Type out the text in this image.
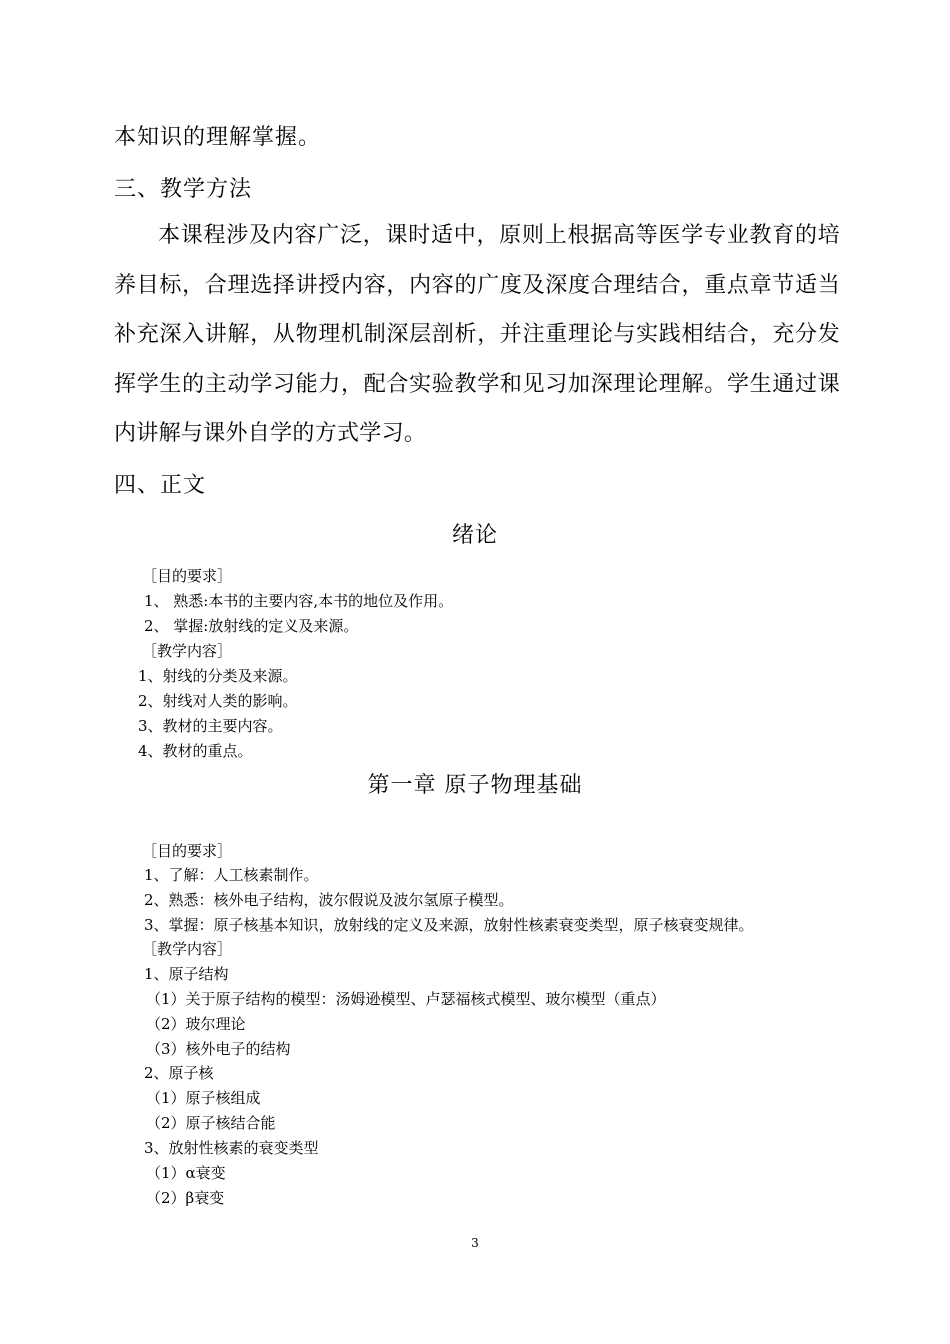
本知识的理解掌握。
三、教学方法

本课程涉及内容广泛，课时适中，原则上根据高等医学专业教育的培养目标，合理选择讲授内容，内容的广度及深度合理结合，重点章节适当补充深入讲解，从物理机制深层剖析，并注重理论与实践相结合，充分发挥学生的主动学习能力，配合实验教学和见习加深理论理解。学生通过课内讲解与课外自学的方式学习。

四、正文
绪论
［目的要求］
1、 熟悉:本书的主要内容,本书的地位及作用。
2、 掌握:放射线的定义及来源。
［教学内容］
1、射线的分类及来源。
2、射线对人类的影响。
3、教材的主要内容。
4、教材的重点。
第一章 原子物理基础
［目的要求］
1、了解：人工核素制作。
2、熟悉：核外电子结构，波尔假说及波尔氢原子模型。
3、掌握：原子核基本知识，放射线的定义及来源，放射性核素衰变类型，原子核衰变规律。
［教学内容］
1、原子结构
（1）关于原子结构的模型：汤姆逊模型、卢瑟福核式模型、玻尔模型（重点）
（2）玻尔理论
（3）核外电子的结构
2、原子核
（1）原子核组成
（2）原子核结合能
3、放射性核素的衰变类型
（1）α衰变
（2）β衰变
3
